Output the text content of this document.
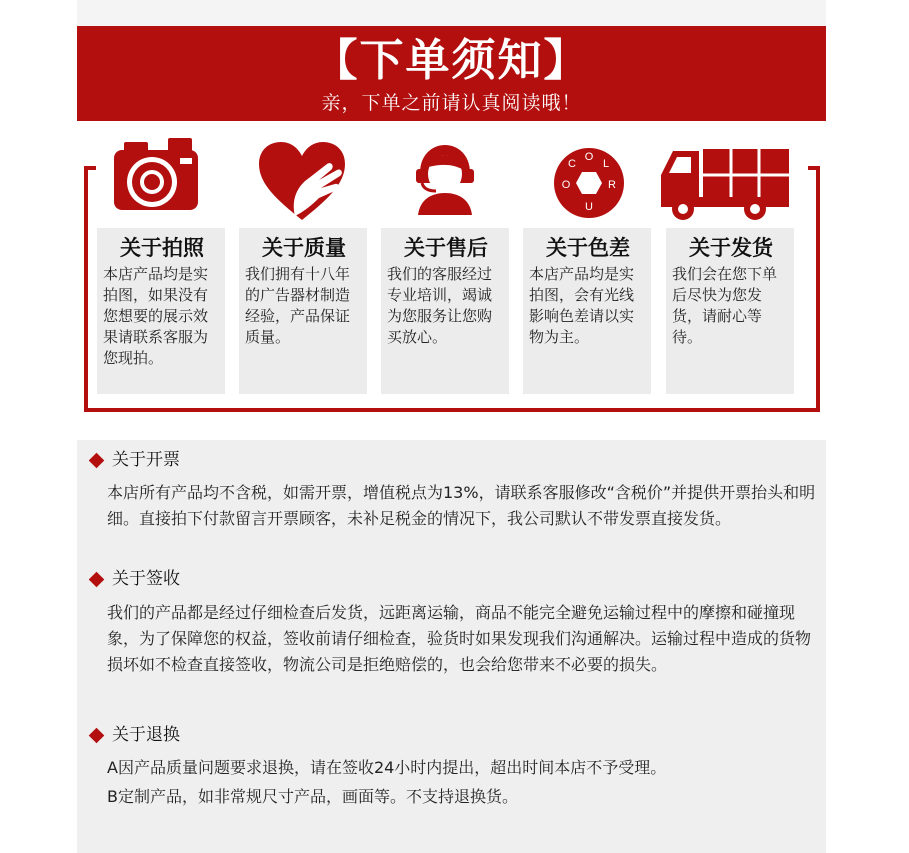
【下单须知】
亲，下单之前请认真阅读哦！
O
C L
R
O
U
关于拍照
本店产品均是实拍图，如果没有您想要的展示效果请联系客服为您现拍。
关于质量
我们拥有十八年的广告器材制造经验，产品保证质量。
关于售后
我们的客服经过专业培训，竭诚为您服务让您购买放心。
关于色差
本店产品均是实拍图，会有光线影响色差请以实物为主。
关于发货
我们会在您下单后尽快为您发货，请耐心等待。
关于开票
本店所有产品均不含税，如需开票，增值税点为13%，请联系客服修改“含税价”并提供开票抬头和明细。直接拍下付款留言开票顾客，未补足税金的情况下，我公司默认不带发票直接发货。
关于签收
我们的产品都是经过仔细检查后发货，远距离运输，商品不能完全避免运输过程中的摩擦和碰撞现象，为了保障您的权益，签收前请仔细检查，验货时如果发现我们沟通解决。运输过程中造成的货物损坏如不检查直接签收，物流公司是拒绝赔偿的，也会给您带来不必要的损失。
关于退换
A因产品质量问题要求退换，请在签收24小时内提出，超出时间本店不予受理。
B定制产品，如非常规尺寸产品，画面等。不支持退换货。
